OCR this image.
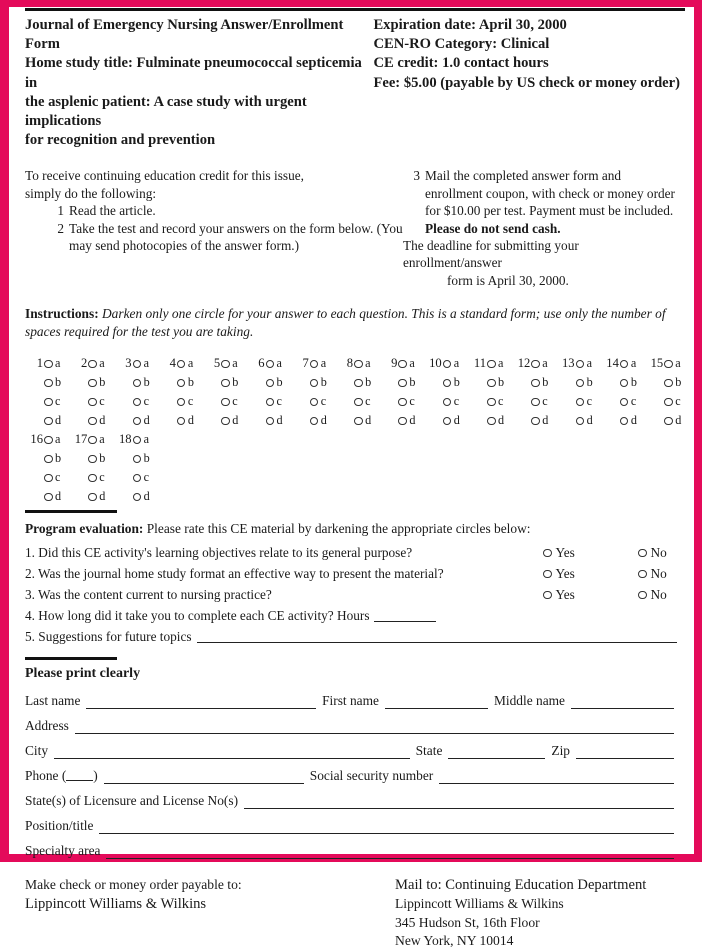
Journal of Emergency Nursing Answer/Enrollment Form
Home study title: Fulminate pneumococcal septicemia in
the asplenic patient: A case study with urgent implications
for recognition and prevention
Expiration date: April 30, 2000
CEN-RO Category: Clinical
CE credit: 1.0 contact hours
Fee: $5.00 (payable by US check or money order)
To receive continuing education credit for this issue,
simply do the following:
1 Read the article.
2 Take the test and record your answers on the form below. (You may send photocopies of the answer form.)
3 Mail the completed answer form and enrollment coupon, with check or money order for $10.00 per test. Payment must be included. Please do not send cash.
The deadline for submitting your enrollment/answer
form is April 30, 2000.
Instructions: Darken only one circle for your answer to each question. This is a standard form; use only the number of spaces required for the test you are taking.
1 a
b
c
d
2 a
b
c
d
3 a
b
c
d
4 a
b
c
d
5 a
b
c
d
6 a
b
c
d
7 a
b
c
d
8 a
b
c
d
9 a
b
c
d
10 a
b
c
d
11 a
b
c
d
12 a
b
c
d
13 a
b
c
d
14 a
b
c
d
15 a
b
c
d
16 a
b
c
d
17 a
b
c
d
18 a
b
c
d
Program evaluation: Please rate this CE material by darkening the appropriate circles below:
1. Did this CE activity's learning objectives relate to its general purpose?	Yes	No
2. Was the journal home study format an effective way to present the material?	Yes	No
3. Was the content current to nursing practice?	Yes	No
4. How long did it take you to complete each CE activity? Hours
5. Suggestions for future topics
Please print clearly
Last name	First name	Middle name
Address
City	State	Zip
Phone ( )	Social security number
State(s) of Licensure and License No(s)
Position/title
Specialty area
Make check or money order payable to:
Lippincott Williams & Wilkins
Mail to: Continuing Education Department
Lippincott Williams & Wilkins
345 Hudson St, 16th Floor
New York, NY 10014
